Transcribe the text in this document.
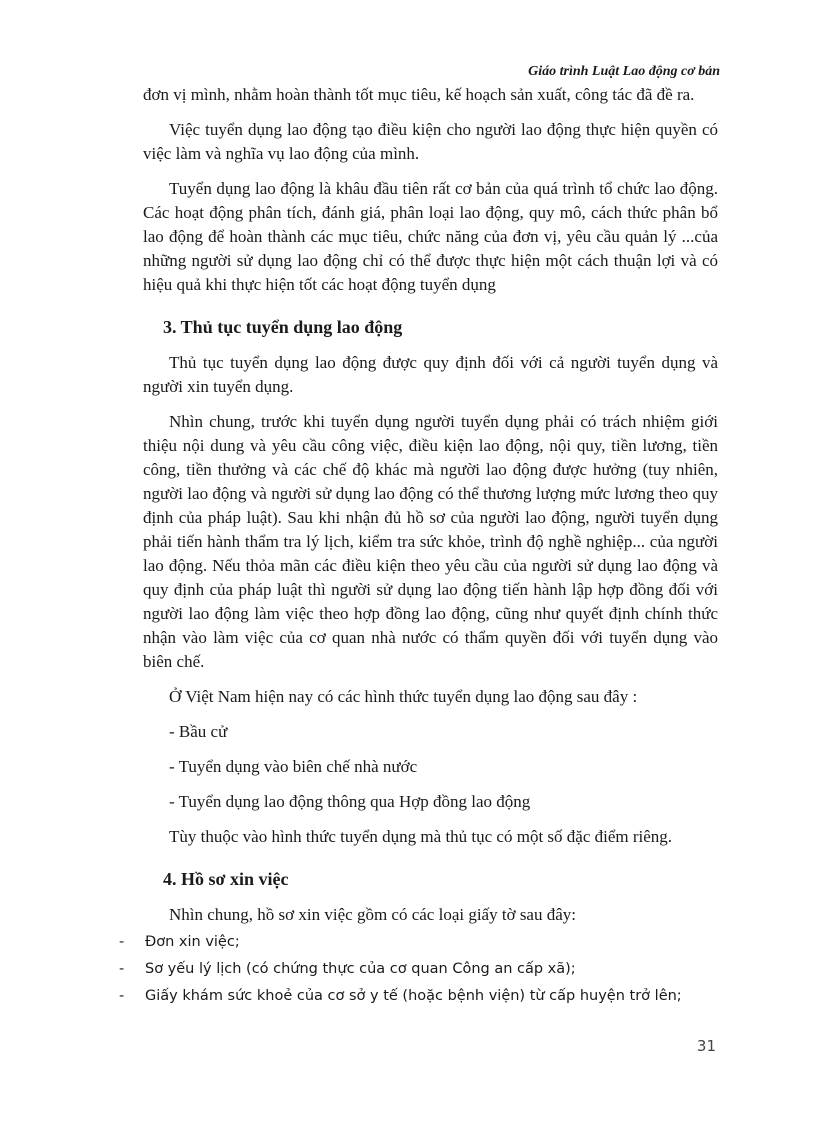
Giáo trình Luật Lao động cơ bản

đơn vị mình, nhằm hoàn thành tốt mục tiêu, kế hoạch sản xuất, công tác đã đề ra.

Việc tuyển dụng lao động tạo điều kiện cho người lao động thực hiện quyền có việc làm và nghĩa vụ lao động của mình.

Tuyển dụng lao động là khâu đầu tiên rất cơ bản của quá trình tổ chức lao động. Các hoạt động phân tích, đánh giá, phân loại lao động, quy mô, cách thức phân bổ lao động để hoàn thành các mục tiêu, chức năng của đơn vị, yêu cầu quản lý ...của những người sử dụng lao động chỉ có thể được thực hiện một cách thuận lợi và có hiệu quả khi thực hiện tốt các hoạt động tuyển dụng

3. Thủ tục tuyển dụng lao động

Thủ tục tuyển dụng lao động được quy định đối với cả người tuyển dụng và người xin tuyển dụng.

Nhìn chung, trước khi tuyển dụng người tuyển dụng phải có trách nhiệm giới thiệu nội dung và yêu cầu công việc, điều kiện lao động, nội quy, tiền lương, tiền công, tiền thưởng và các chế độ khác mà người lao động được hưởng (tuy nhiên, người lao động và người sử dụng lao động có thể thương lượng mức lương theo quy định của pháp luật). Sau khi nhận đủ hồ sơ của người lao động, người tuyển dụng phải tiến hành thẩm tra lý lịch, kiểm tra sức khỏe, trình độ nghề nghiệp... của người lao động. Nếu thỏa mãn các điều kiện theo yêu cầu của người sử dụng lao động và quy định của pháp luật thì người sử dụng lao động tiến hành lập hợp đồng đối với người lao động làm việc theo hợp đồng lao động, cũng như quyết định chính thức nhận vào làm việc của cơ quan nhà nước có thẩm quyền đối với tuyển dụng vào biên chế.

Ở Việt Nam hiện nay có các hình thức tuyển dụng lao động sau đây :

- Bầu cử

- Tuyển dụng vào biên chế nhà nước

- Tuyển dụng lao động thông qua Hợp đồng lao động

Tùy thuộc vào hình thức tuyển dụng mà thủ tục có một số đặc điểm riêng.

4. Hồ sơ xin việc

Nhìn chung, hồ sơ xin việc gồm có các loại giấy tờ sau đây:

- Đơn xin việc;
- Sơ yếu lý lịch (có chứng thực của cơ quan Công an cấp xã);
- Giấy khám sức khoẻ của cơ sở y tế (hoặc bệnh viện) từ cấp huyện trở lên;
31
